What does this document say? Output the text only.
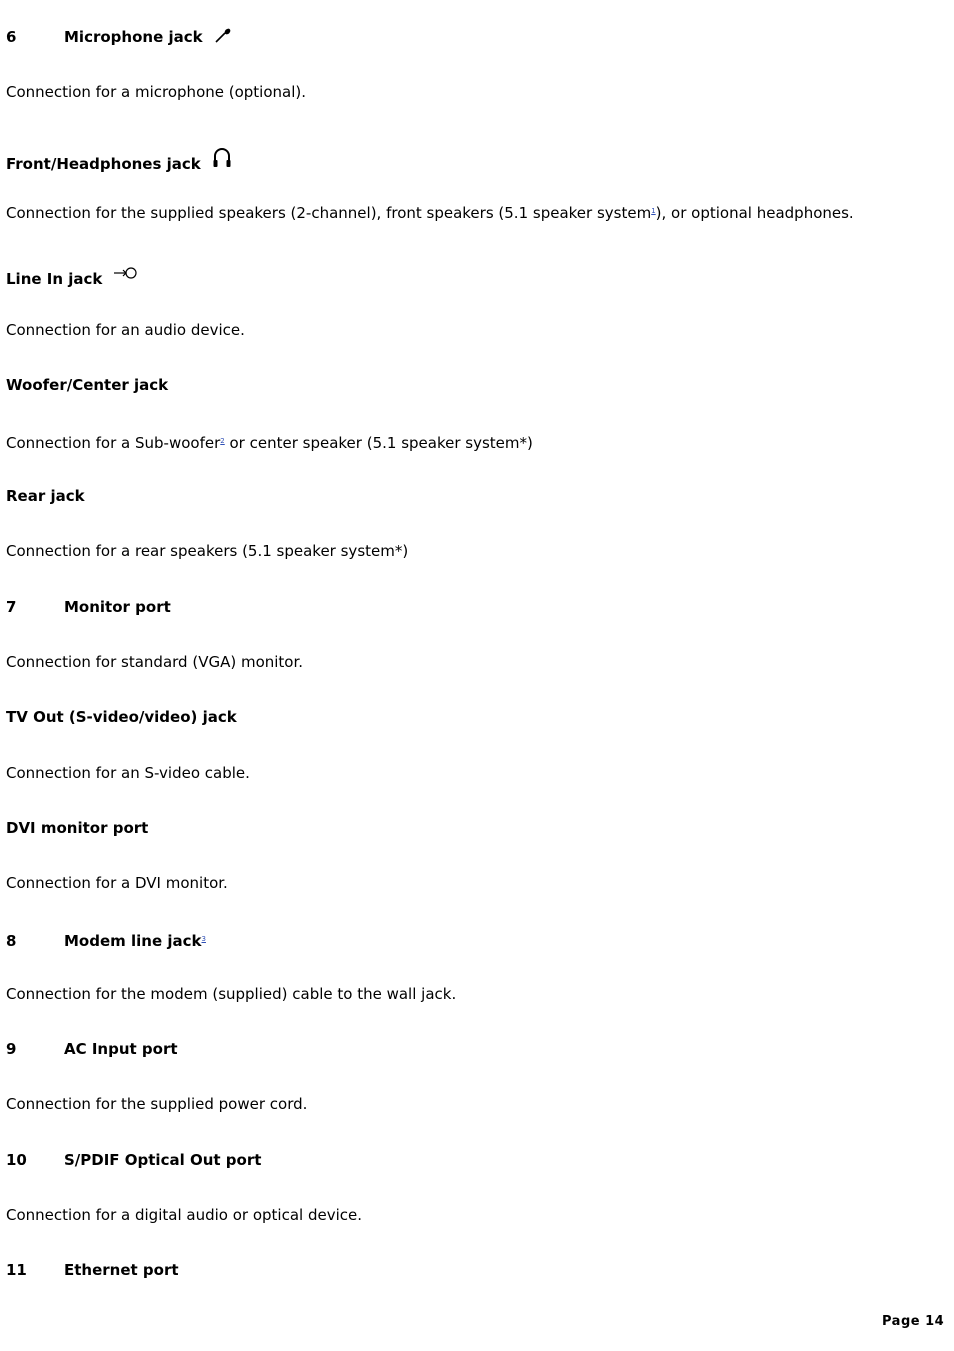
6	Microphone jack
Connection for a microphone (optional).
Front/Headphones jack
Connection for the supplied speakers (2-channel), front speakers (5.1 speaker system$^1$), or optional headphones.
Line In jack
Connection for an audio device.
Woofer/Center jack
Connection for a Sub-woofer$^2$ or center speaker (5.1 speaker system*)
Rear jack
Connection for a rear speakers (5.1 speaker system*)
7	Monitor port
Connection for standard (VGA) monitor.
TV Out (S-video/video) jack
Connection for an S-video cable.
DVI monitor port
Connection for a DVI monitor.
8	Modem line jack$^3$
Connection for the modem (supplied) cable to the wall jack.
9	AC Input port
Connection for the supplied power cord.
10 S/PDIF Optical Out port
Connection for a digital audio or optical device.
11 Ethernet port
Page 14
